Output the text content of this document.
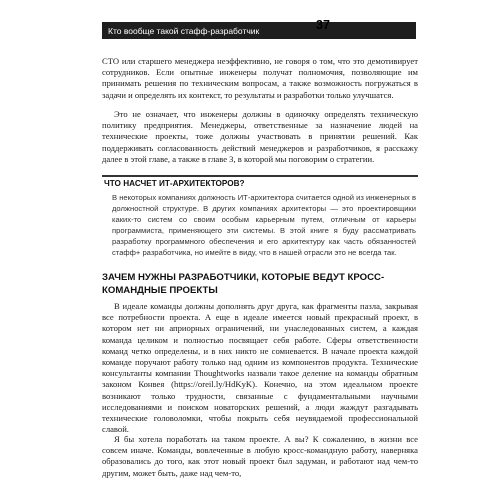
Кто вообще такой стафф-разработчик	37

СТО или старшего менеджера неэффективно, не говоря о том, что это демотивирует сотрудников. Если опытные инженеры получат полномочия, позволяющие им принимать решения по техническим вопросам, а также возможность погружаться в задачи и определять их контекст, то результаты и разработки только улучшатся.

Это не означает, что инженеры должны в одиночку определять техническую политику предприятия. Менеджеры, ответственные за назначение людей на технические проекты, тоже должны участвовать в принятии решений. Как поддерживать согласованность действий менеджеров и разработчиков, я расскажу далее в этой главе, а также в главе 3, в которой мы поговорим о стратегии.

ЧТО НАСЧЕТ ИТ-АРХИТЕКТОРОВ?

В некоторых компаниях должность ИТ-архитектора считается одной из инженерных в должностной структуре. В других компаниях архитекторы — это проектировщики каких-то систем со своим особым карьерным путем, отличным от карьеры программиста, применяющего эти системы. В этой книге я буду рассматривать разработку программного обеспечения и его архитектуру как часть обязанностей стафф+ разработчика, но имейте в виду, что в нашей отрасли это не всегда так.

ЗАЧЕМ НУЖНЫ РАЗРАБОТЧИКИ, КОТОРЫЕ ВЕДУТ КРОСС-КОМАНДНЫЕ ПРОЕКТЫ

В идеале команды должны дополнять друг друга, как фрагменты пазла, закрывая все потребности проекта. А еще в идеале имеется новый прекрасный проект, в котором нет ни априорных ограничений, ни унаследованных систем, а каждая команда целиком и полностью посвящает себя работе. Сферы ответственности команд четко определены, и в них никто не сомневается. В начале проекта каждой команде поручают работу только над одним из компонентов продукта. Технические консультанты компании Thoughtworks назвали такое деление на команды обратным законом Конвея (https://oreil.ly/HdKyK). Конечно, на этом идеальном проекте возникают только трудности, связанные с фундаментальными научными исследованиями и поиском новаторских решений, а люди жаждут разгадывать технические головоломки, чтобы покрыть себя неувядаемой профессиональной славой.

Я бы хотела поработать на таком проекте. А вы? К сожалению, в жизни все совсем иначе. Команды, вовлеченные в любую кросс-командную работу, наверняка образовались до того, как этот новый проект был задуман, и работают над чем-то другим, может быть, даже над чем-то,
